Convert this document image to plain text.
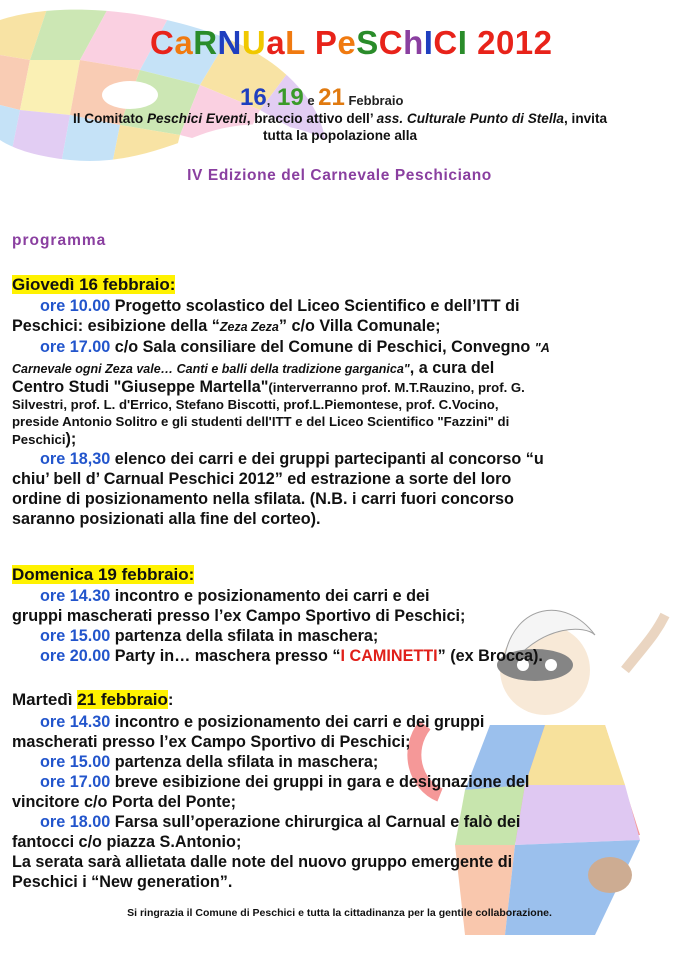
CaRNUaL PeSChICI 2012
16, 19 e 21 Febbraio
Il Comitato Peschici Eventi, braccio attivo dell’ ass. Culturale Punto di Stella, invita
tutta la popolazione alla
IV Edizione del Carnevale Peschiciano
programma
Giovedì 16 febbraio:
ore 10.00 Progetto scolastico del Liceo Scientifico e dell’ITT di
Peschici: esibizione della “Zeza Zeza” c/o Villa Comunale;
ore 17.00 c/o Sala consiliare del Comune di Peschici, Convegno "A
Carnevale ogni Zeza vale… Canti e balli della tradizione garganica", a cura del
Centro Studi "Giuseppe Martella"(interverranno prof. M.T.Rauzino, prof. G.
Silvestri, prof. L. d'Errico, Stefano Biscotti, prof.L.Piemontese, prof. C.Vocino,
preside Antonio Solitro e gli studenti dell'ITT e del Liceo Scientifico "Fazzini" di
Peschici);
ore 18,30 elenco dei carri e dei gruppi partecipanti al concorso “u
chiu’ bell d’ Carnual Peschici 2012” ed estrazione a sorte del loro
ordine di posizionamento nella sfilata. (N.B. i carri fuori concorso
saranno posizionati alla fine del corteo).
Domenica 19 febbraio:
ore 14.30 incontro e posizionamento dei carri e dei
gruppi mascherati presso l’ex Campo Sportivo di Peschici;
ore 15.00 partenza della sfilata in maschera;
ore 20.00 Party in… maschera presso “I CAMINETTI” (ex Brocca).
Martedì 21 febbraio:
ore 14.30 incontro e posizionamento dei carri e dei gruppi
mascherati presso l’ex Campo Sportivo di Peschici;
ore 15.00 partenza della sfilata in maschera;
ore 17.00 breve esibizione dei gruppi in gara e designazione del
vincitore c/o Porta del Ponte;
ore 18.00 Farsa sull’operazione chirurgica al Carnual e falò dei
fantocci c/o piazza S.Antonio;
La serata sarà allietata dalle note del nuovo gruppo emergente di
Peschici i “New generation”.
Si ringrazia il Comune di Peschici e tutta la cittadinanza per la gentile collaborazione.
